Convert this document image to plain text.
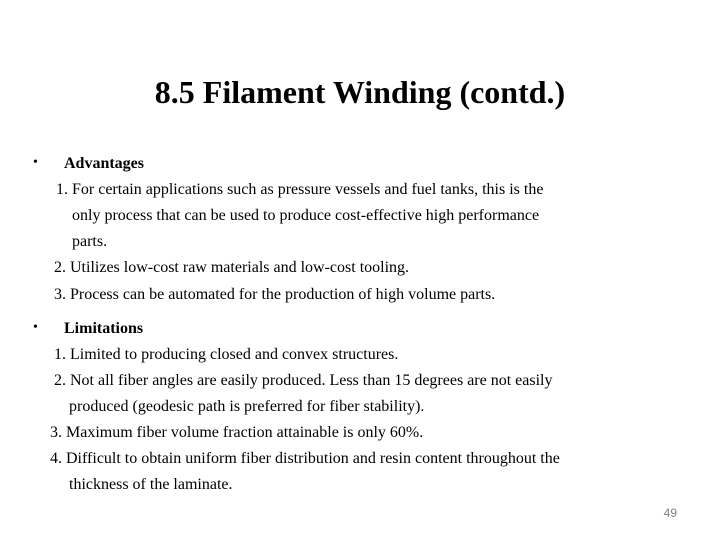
8.5 Filament Winding (contd.)
• Advantages
1. For certain applications such as pressure vessels and fuel tanks, this is the
only process that can be used to produce cost-effective high performance
parts.
2. Utilizes low-cost raw materials and low-cost tooling.
3. Process can be automated for the production of high volume parts.
• Limitations
1. Limited to producing closed and convex structures.
2. Not all fiber angles are easily produced. Less than 15 degrees are not easily
produced (geodesic path is preferred for fiber stability).
3. Maximum fiber volume fraction attainable is only 60%.
4. Difficult to obtain uniform fiber distribution and resin content throughout the
thickness of the laminate.
49
